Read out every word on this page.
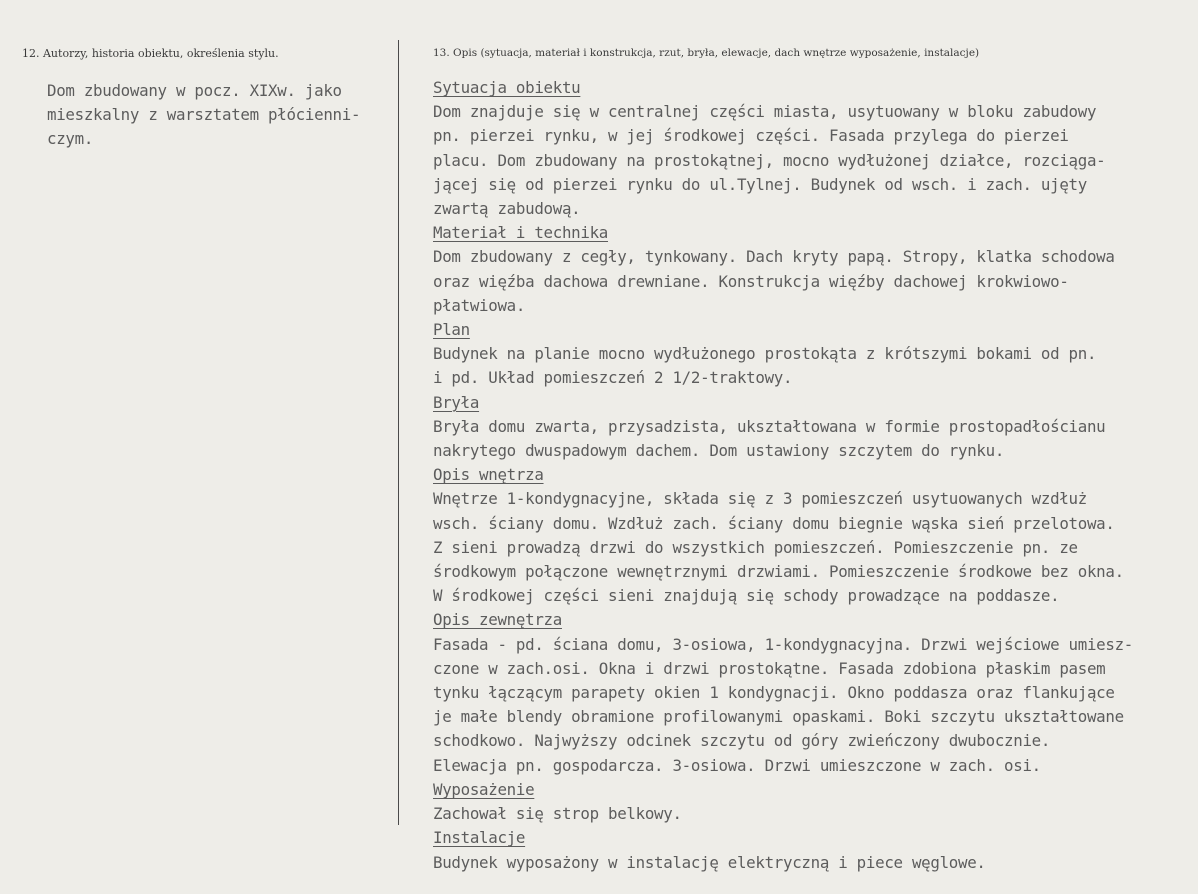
12. Autorzy, historia obiektu, określenia stylu.

Dom zbudowany w pocz. XIXw. jako

mieszkalny z warsztatem płócienni-

czym.

13. Opis (sytuacja, materiał i konstrukcja, rzut, bryła, elewacje, dach wnętrze wyposażenie, instalacje)

Sytuacja obiektu

Dom znajduje się w centralnej części miasta, usytuowany w bloku zabudowy

pn. pierzei rynku, w jej środkowej części. Fasada przylega do pierzei

placu. Dom zbudowany na prostokątnej, mocno wydłużonej działce, rozciąga-

jącej się od pierzei rynku do ul.Tylnej. Budynek od wsch. i zach. ujęty

zwartą zabudową.

Materiał i technika

Dom zbudowany z cegły, tynkowany. Dach kryty papą. Stropy, klatka schodowa

oraz więźba dachowa drewniane. Konstrukcja więźby dachowej krokwiowo-

płatwiowa.

Plan

Budynek na planie mocno wydłużonego prostokąta z krótszymi bokami od pn.

i pd. Układ pomieszczeń 2 1/2-traktowy.

Bryła

Bryła domu zwarta, przysadzista, ukształtowana w formie prostopadłościanu

nakrytego dwuspadowym dachem. Dom ustawiony szczytem do rynku.

Opis wnętrza

Wnętrze 1-kondygnacyjne, składa się z 3 pomieszczeń usytuowanych wzdłuż

wsch. ściany domu. Wzdłuż zach. ściany domu biegnie wąska sień przelotowa.

Z sieni prowadzą drzwi do wszystkich pomieszczeń. Pomieszczenie pn. ze

środkowym połączone wewnętrznymi drzwiami. Pomieszczenie środkowe bez okna.

W środkowej części sieni znajdują się schody prowadzące na poddasze.

Opis zewnętrza

Fasada - pd. ściana domu, 3-osiowa, 1-kondygnacyjna. Drzwi wejściowe umiesz-

czone w zach.osi. Okna i drzwi prostokątne. Fasada zdobiona płaskim pasem

tynku łączącym parapety okien 1 kondygnacji. Okno poddasza oraz flankujące

je małe blendy obramione profilowanymi opaskami. Boki szczytu ukształtowane

schodkowo. Najwyższy odcinek szczytu od góry zwieńczony dwubocznie.

Elewacja pn. gospodarcza. 3-osiowa. Drzwi umieszczone w zach. osi.

Wyposażenie

Zachował się strop belkowy.

Instalacje

Budynek wyposażony w instalację elektryczną i piece węglowe.
